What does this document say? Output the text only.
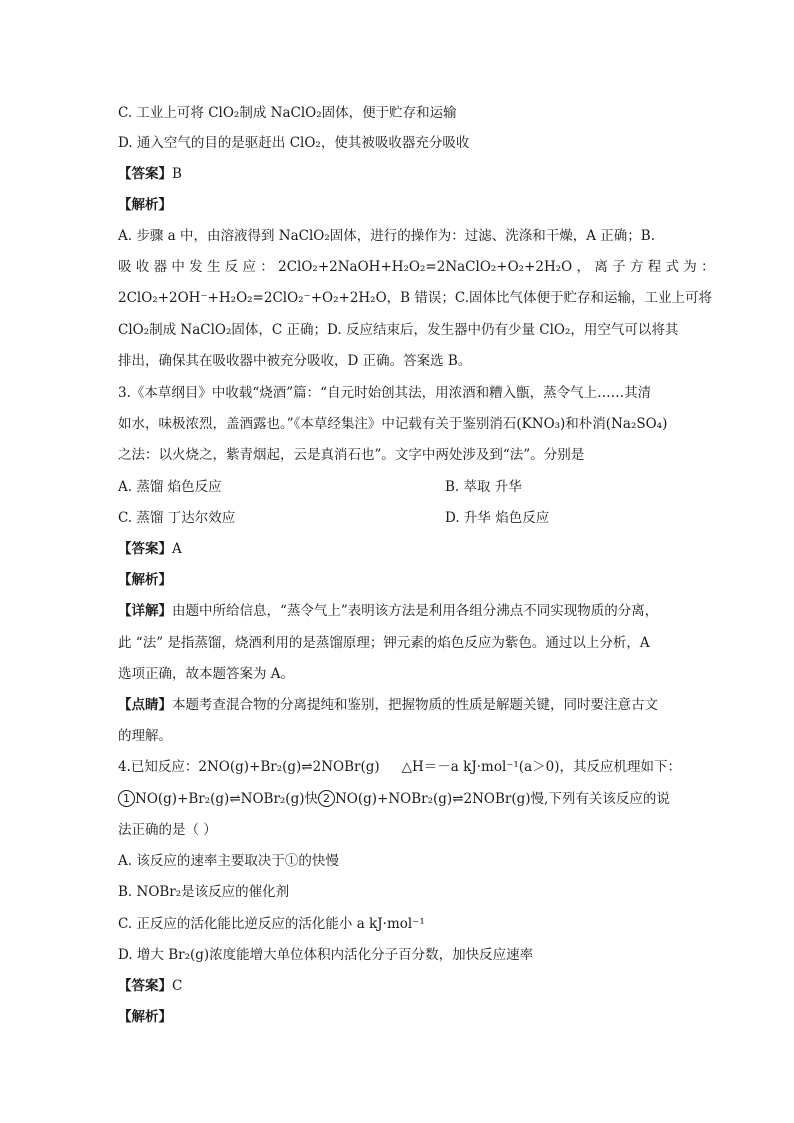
C. 工业上可将 ClO₂制成 NaClO₂固体，便于贮存和运输
D. 通入空气的目的是驱赶出 ClO₂，使其被吸收器充分吸收
【答案】B
【解析】
A. 步骤 a 中，由溶液得到 NaClO₂固体，进行的操作为：过滤、洗涤和干燥，A 正确；B.
吸 收 器 中 发 生 反 应 ： 2ClO₂+2NaOH+H₂O₂=2NaClO₂+O₂+2H₂O ， 离 子 方 程 式 为 ：
2ClO₂+2OH⁻+H₂O₂=2ClO₂⁻+O₂+2H₂O，B 错误；C.固体比气体便于贮存和运输，工业上可将
ClO₂制成 NaClO₂固体，C 正确；D. 反应结束后，发生器中仍有少量 ClO₂，用空气可以将其
排出，确保其在吸收器中被充分吸收，D 正确。答案选 B。
3.《本草纲目》中收载“烧酒”篇：“自元时始创其法，用浓酒和糟入甑，蒸令气上……其清
如水，味极浓烈，盖酒露也。”《本草经集注》中记载有关于鉴别消石(KNO₃)和朴消(Na₂SO₄)
之法：以火烧之，紫青烟起，云是真消石也”。文字中两处涉及到“法”。分别是
A. 蒸馏 焰色反应	B. 萃取 升华
C. 蒸馏 丁达尔效应	D. 升华 焰色反应
【答案】A
【解析】
【详解】由题中所给信息，“蒸令气上”表明该方法是利用各组分沸点不同实现物质的分离，
此 “法” 是指蒸馏，烧酒利用的是蒸馏原理；钾元素的焰色反应为紫色。通过以上分析，A
选项正确，故本题答案为 A。
【点睛】本题考查混合物的分离提纯和鉴别，把握物质的性质是解题关键，同时要注意古文
的理解。
4.已知反应：2NO(g)+Br₂(g)⇌2NOBr(g) △H＝－a kJ·mol⁻¹(a＞0)，其反应机理如下：
1 NO(g)+Br₂(g)⇌NOBr₂(g)快 2 NO(g)+NOBr₂(g)⇌2NOBr(g)慢,下列有关该反应的说
法正确的是（ ）
A. 该反应的速率主要取决于①的快慢
B. NOBr₂是该反应的催化剂
C. 正反应的活化能比逆反应的活化能小 a kJ·mol⁻¹
D. 增大 Br₂(g)浓度能增大单位体积内活化分子百分数，加快反应速率
【答案】C
【解析】
